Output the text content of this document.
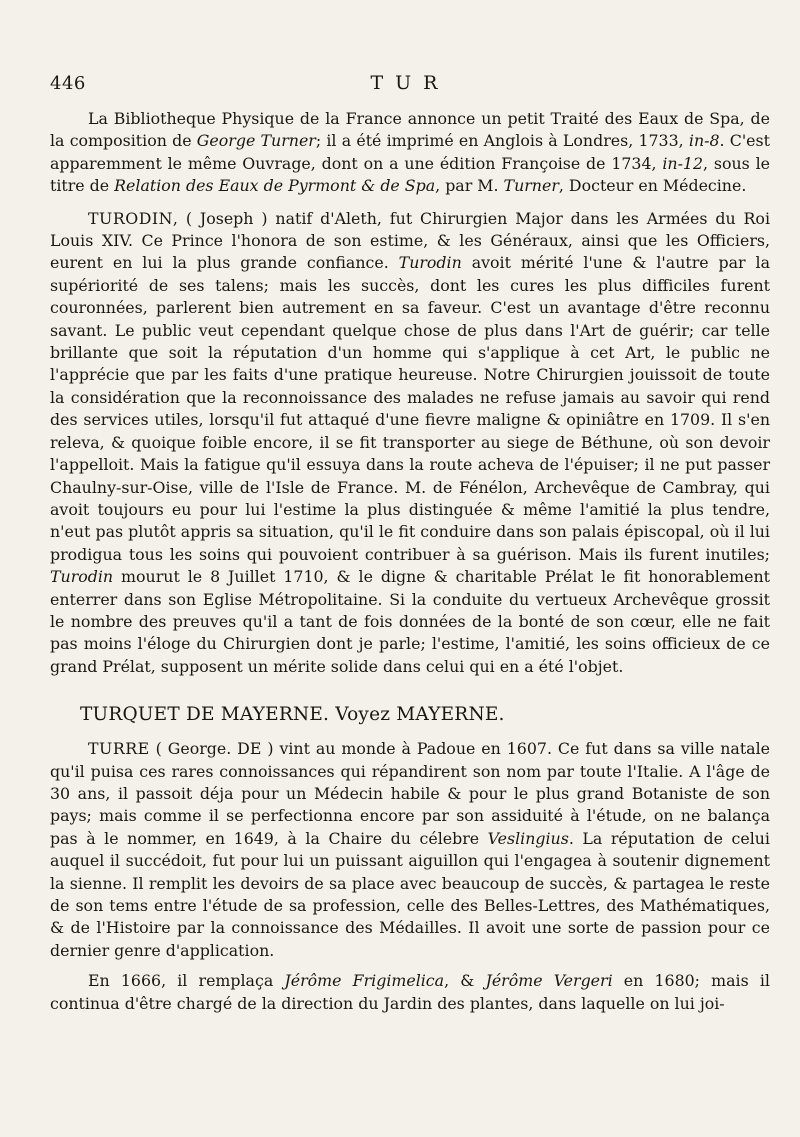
446	TUR

La Bibliotheque Physique de la France annonce un petit Traité des Eaux de Spa, de la composition de George Turner; il a été imprimé en Anglois à Londres, 1733, in-8. C'est apparemment le même Ouvrage, dont on a une édition Françoise de 1734, in-12, sous le titre de Relation des Eaux de Pyrmont & de Spa, par M. Turner, Docteur en Médecine.

TURODIN, ( Joseph ) natif d'Aleth, fut Chirurgien Major dans les Armées du Roi Louis XIV. Ce Prince l'honora de son estime, & les Généraux, ainsi que les Officiers, eurent en lui la plus grande confiance. Turodin avoit mérité l'une & l'autre par la supériorité de ses talens; mais les succès, dont les cures les plus difficiles furent couronnées, parlerent bien autrement en sa faveur. C'est un avantage d'être reconnu savant. Le public veut cependant quelque chose de plus dans l'Art de guérir; car telle brillante que soit la réputation d'un homme qui s'applique à cet Art, le public ne l'apprécie que par les faits d'une pratique heureuse. Notre Chirurgien jouissoit de toute la considération que la reconnoissance des malades ne refuse jamais au savoir qui rend des services utiles, lorsqu'il fut attaqué d'une fievre maligne & opiniâtre en 1709. Il s'en releva, & quoique foible encore, il se fit transporter au siege de Béthune, où son devoir l'appelloit. Mais la fatigue qu'il essuya dans la route acheva de l'épuiser; il ne put passer Chaulny-sur-Oise, ville de l'Isle de France. M. de Fénélon, Archevêque de Cambray, qui avoit toujours eu pour lui l'estime la plus distinguée & même l'amitié la plus tendre, n'eut pas plutôt appris sa situation, qu'il le fit conduire dans son palais épiscopal, où il lui prodigua tous les soins qui pouvoient contribuer à sa guérison. Mais ils furent inutiles; Turodin mourut le 8 Juillet 1710, & le digne & charitable Prélat le fit honorablement enterrer dans son Eglise Métropolitaine. Si la conduite du vertueux Archevêque grossit le nombre des preuves qu'il a tant de fois données de la bonté de son cœur, elle ne fait pas moins l'éloge du Chirurgien dont je parle; l'estime, l'amitié, les soins officieux de ce grand Prélat, supposent un mérite solide dans celui qui en a été l'objet.

TURQUET DE MAYERNE. Voyez MAYERNE.

TURRE ( George. DE ) vint au monde à Padoue en 1607. Ce fut dans sa ville natale qu'il puisa ces rares connoissances qui répandirent son nom par toute l'Italie. A l'âge de 30 ans, il passoit déja pour un Médecin habile & pour le plus grand Botaniste de son pays; mais comme il se perfectionna encore par son assiduité à l'étude, on ne balança pas à le nommer, en 1649, à la Chaire du célebre Veslingius. La réputation de celui auquel il succédoit, fut pour lui un puissant aiguillon qui l'engagea à soutenir dignement la sienne. Il remplit les devoirs de sa place avec beaucoup de succès, & partagea le reste de son tems entre l'étude de sa profession, celle des Belles-Lettres, des Mathématiques, & de l'Histoire par la connoissance des Médailles. Il avoit une sorte de passion pour ce dernier genre d'application.

En 1666, il remplaça Jérôme Frigimelica, & Jérôme Vergeri en 1680; mais il continua d'être chargé de la direction du Jardin des plantes, dans laquelle on lui joi-
